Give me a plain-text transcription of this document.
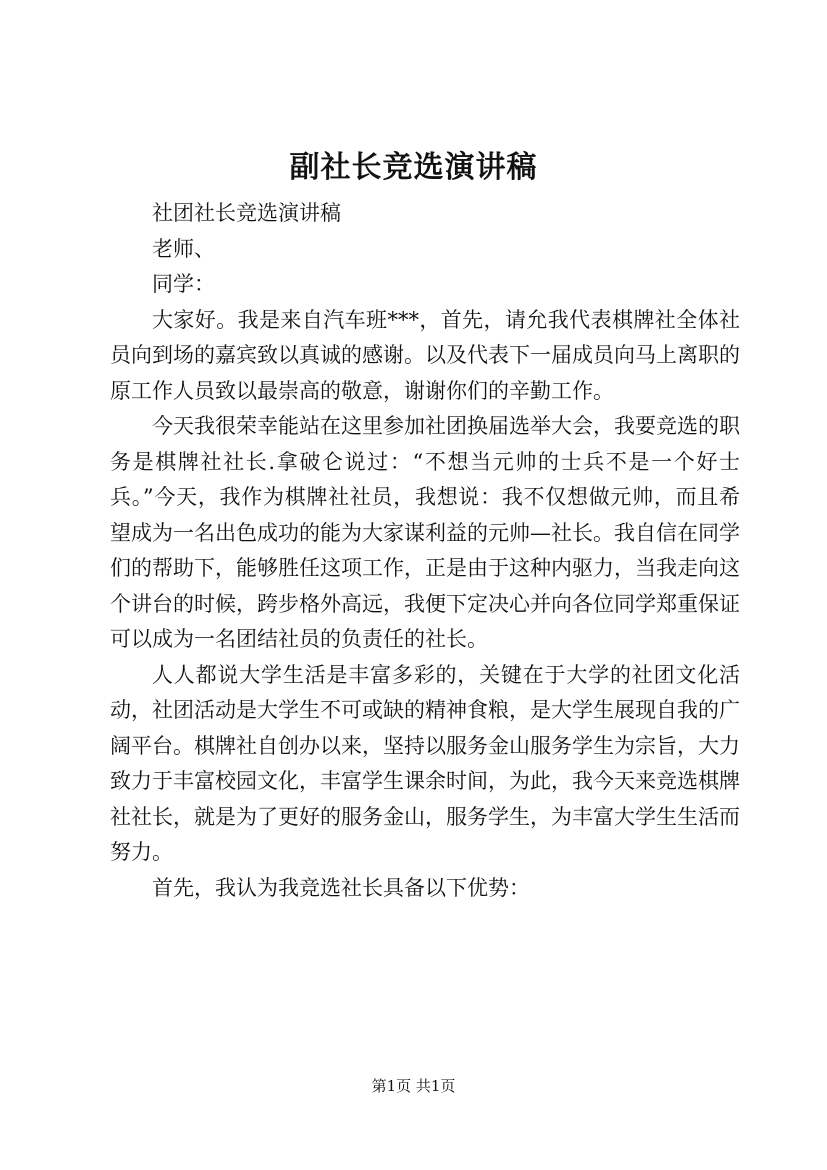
副社长竞选演讲稿

社团社长竞选演讲稿

老师、

同学：

大家好。我是来自汽车班***，首先，请允我代表棋牌社全体社员向到场的嘉宾致以真诚的感谢。以及代表下一届成员向马上离职的原工作人员致以最崇高的敬意，谢谢你们的辛勤工作。

今天我很荣幸能站在这里参加社团换届选举大会，我要竞选的职务是棋牌社社长.拿破仑说过：“不想当元帅的士兵不是一个好士兵。”今天，我作为棋牌社社员，我想说：我不仅想做元帅，而且希望成为一名出色成功的能为大家谋利益的元帅—社长。我自信在同学们的帮助下，能够胜任这项工作，正是由于这种内驱力，当我走向这个讲台的时候，跨步格外高远，我便下定决心并向各位同学郑重保证可以成为一名团结社员的负责任的社长。

人人都说大学生活是丰富多彩的，关键在于大学的社团文化活动，社团活动是大学生不可或缺的精神食粮，是大学生展现自我的广阔平台。棋牌社自创办以来，坚持以服务金山服务学生为宗旨，大力致力于丰富校园文化，丰富学生课余时间，为此，我今天来竞选棋牌社社长，就是为了更好的服务金山，服务学生，为丰富大学生生活而努力。

首先，我认为我竞选社长具备以下优势：

第1页 共1页
